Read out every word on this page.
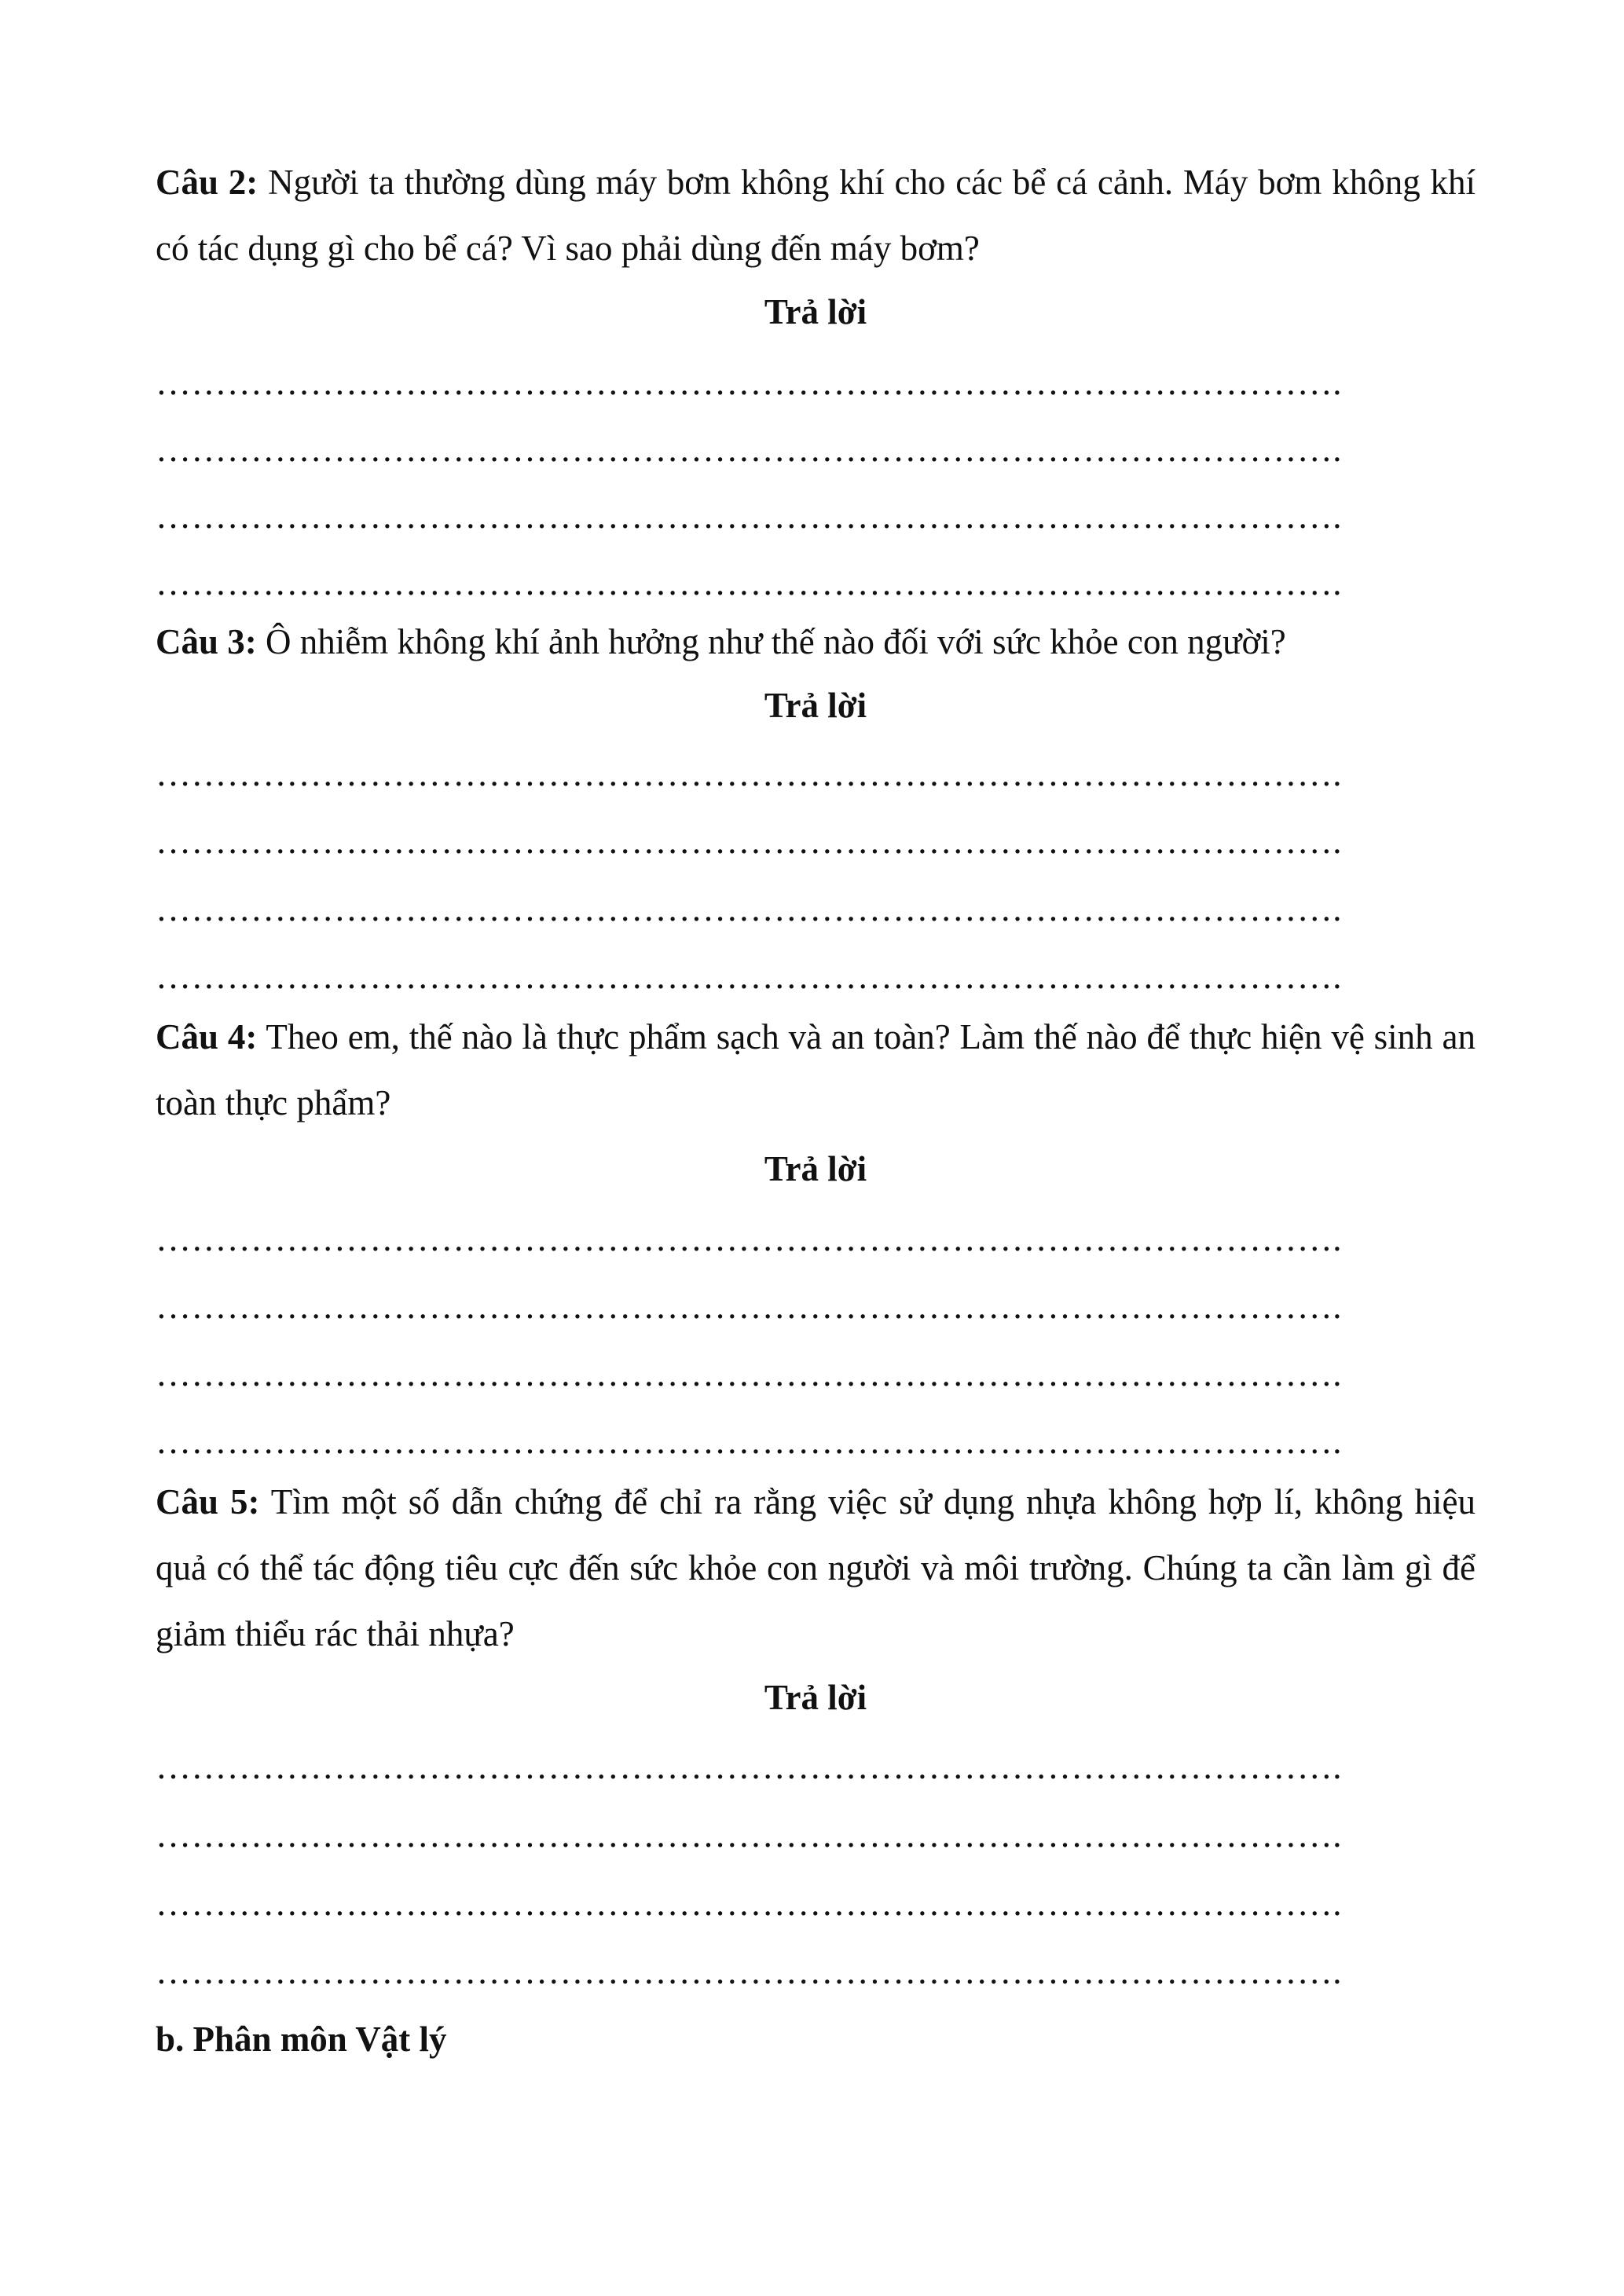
Câu 2: Người ta thường dùng máy bơm không khí cho các bể cá cảnh. Máy bơm không khí có tác dụng gì cho bể cá? Vì sao phải dùng đến máy bơm?
Trả lời
……………………………………………………………………………………….
……………………………………………………………………………………….
……………………………………………………………………………………….
……………………………………………………………………………………….
Câu 3: Ô nhiễm không khí ảnh hưởng như thế nào đối với sức khỏe con người?
Trả lời
……………………………………………………………………………………….
……………………………………………………………………………………….
……………………………………………………………………………………….
……………………………………………………………………………………….
Câu 4: Theo em, thế nào là thực phẩm sạch và an toàn? Làm thế nào để thực hiện vệ sinh an toàn thực phẩm?
Trả lời
……………………………………………………………………………………….
……………………………………………………………………………………….
……………………………………………………………………………………….
……………………………………………………………………………………….
Câu 5: Tìm một số dẫn chứng để chỉ ra rằng việc sử dụng nhựa không hợp lí, không hiệu quả có thể tác động tiêu cực đến sức khỏe con người và môi trường. Chúng ta cần làm gì để giảm thiểu rác thải nhựa?
Trả lời
……………………………………………………………………………………….
……………………………………………………………………………………….
……………………………………………………………………………………….
……………………………………………………………………………………….
b. Phân môn Vật lý
